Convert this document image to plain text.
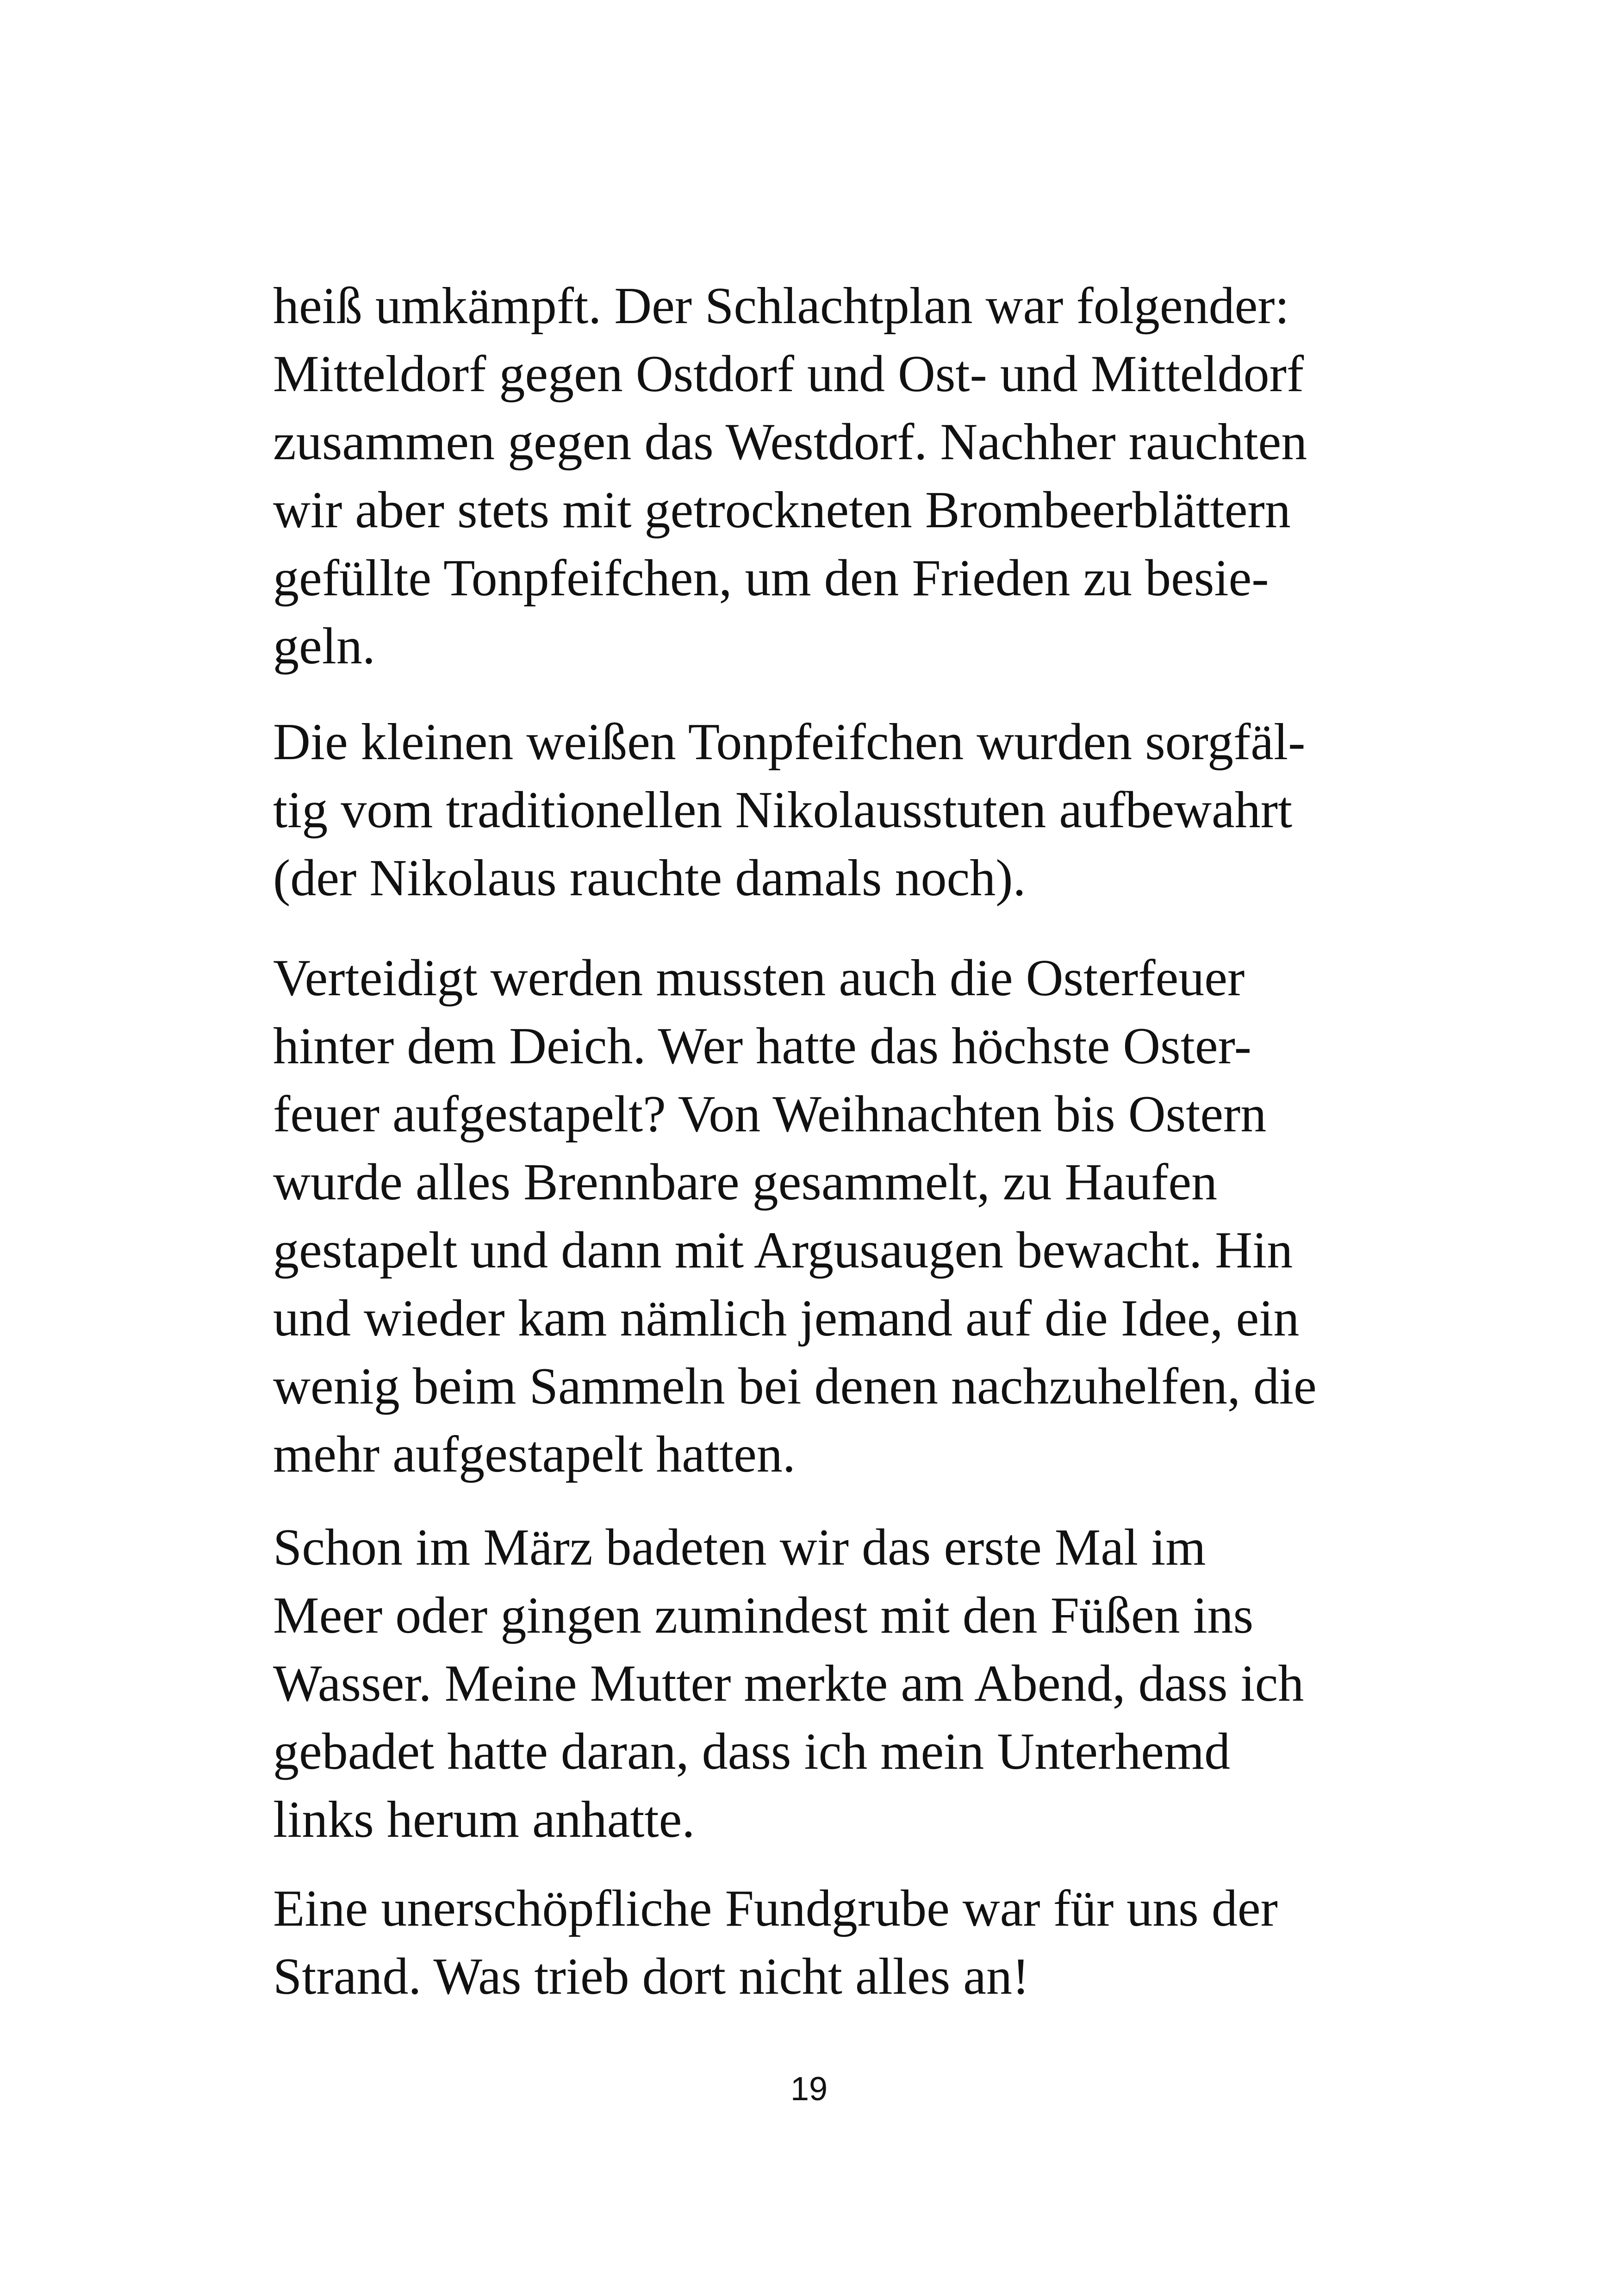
heiß umkämpft. Der Schlachtplan war folgender:
Mitteldorf gegen Ostdorf und Ost- und Mitteldorf
zusammen gegen das Westdorf. Nachher rauchten
wir aber stets mit getrockneten Brombeerblättern
gefüllte Tonpfeifchen, um den Frieden zu besie-
geln.

Die kleinen weißen Tonpfeifchen wurden sorgfäl-
tig vom traditionellen Nikolausstuten aufbewahrt
(der Nikolaus rauchte damals noch).

Verteidigt werden mussten auch die Osterfeuer
hinter dem Deich. Wer hatte das höchste Oster-
feuer aufgestapelt? Von Weihnachten bis Ostern
wurde alles Brennbare gesammelt, zu Haufen
gestapelt und dann mit Argusaugen bewacht. Hin
und wieder kam nämlich jemand auf die Idee, ein
wenig beim Sammeln bei denen nachzuhelfen, die
mehr aufgestapelt hatten.

Schon im März badeten wir das erste Mal im
Meer oder gingen zumindest mit den Füßen ins
Wasser. Meine Mutter merkte am Abend, dass ich
gebadet hatte daran, dass ich mein Unterhemd
links herum anhatte.

Eine unerschöpfliche Fundgrube war für uns der
Strand. Was trieb dort nicht alles an!

19
